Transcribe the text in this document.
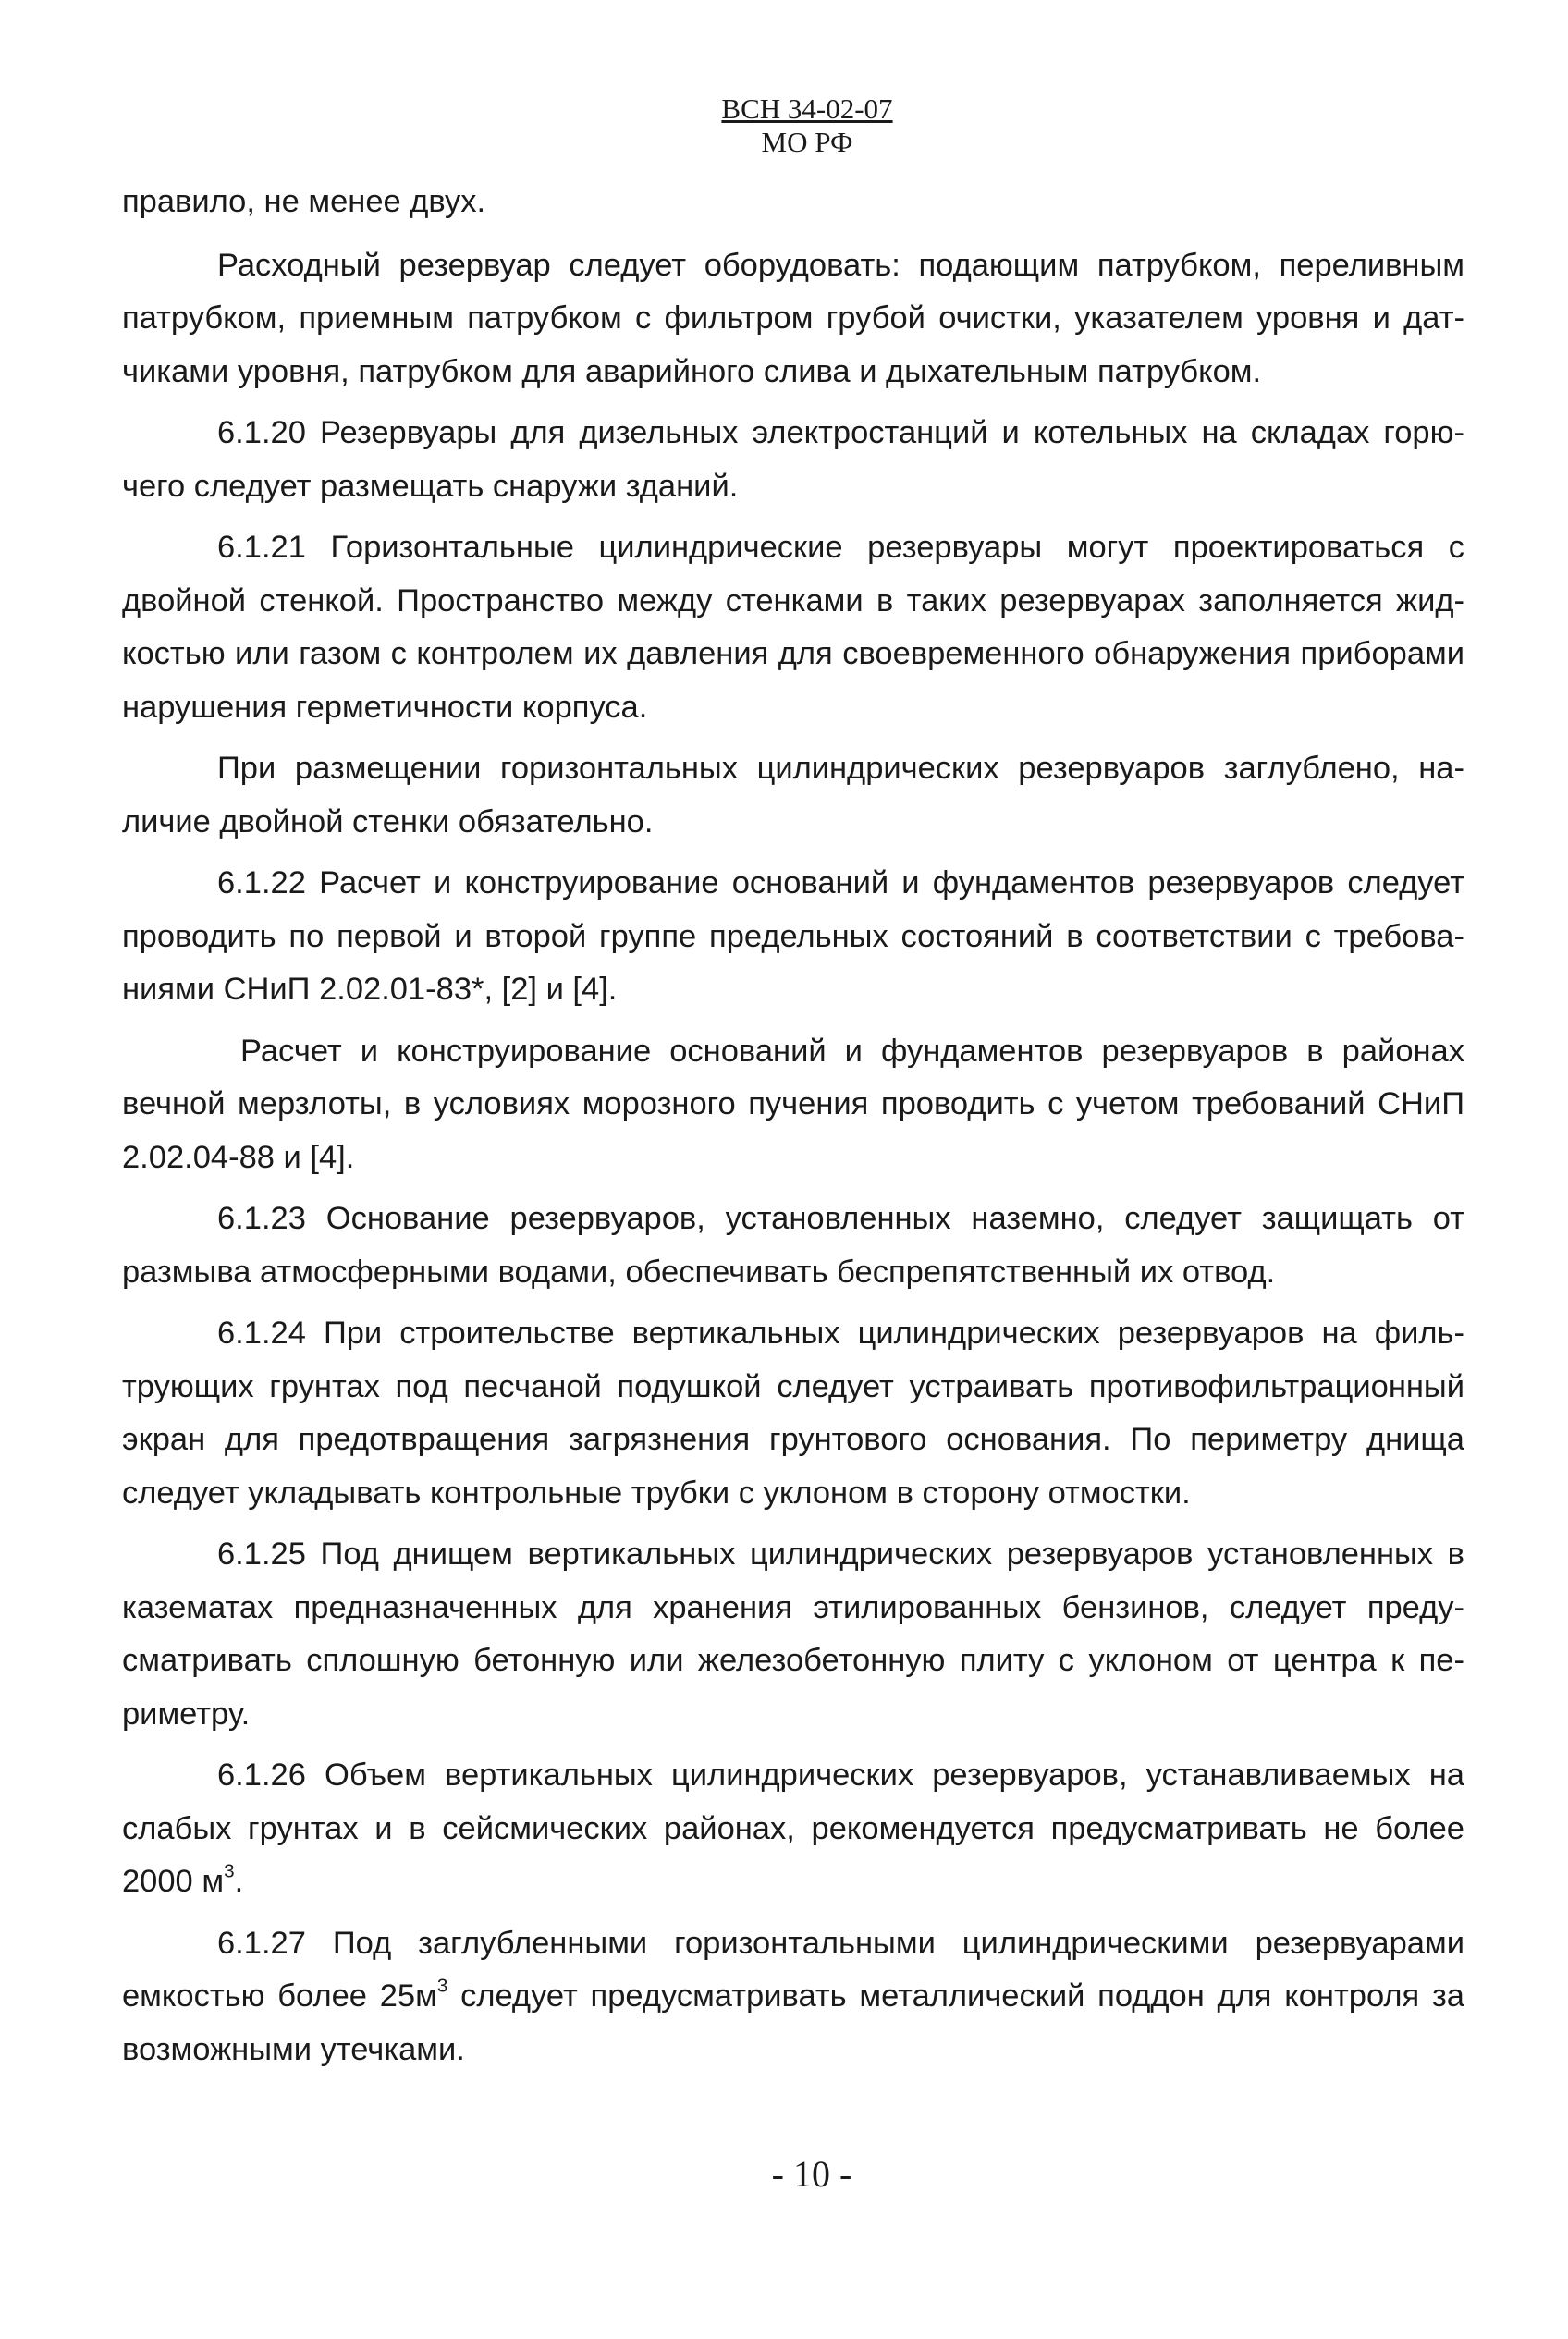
ВСН 34-02-07
МО РФ

правило, не менее двух.

Расходный резервуар следует оборудовать: подающим патрубком, переливным патрубком, приемным патрубком с фильтром грубой очистки, указателем уровня и датчиками уровня, патрубком для аварийного слива и дыхательным патрубком.

6.1.20 Резервуары для дизельных электростанций и котельных на складах горючего следует размещать снаружи зданий.

6.1.21 Горизонтальные цилиндрические резервуары могут проектироваться с двойной стенкой. Пространство между стенками в таких резервуарах заполняется жидкостью или газом с контролем их давления для своевременного обнаружения приборами нарушения герметичности корпуса.

При размещении горизонтальных цилиндрических резервуаров заглублено, наличие двойной стенки обязательно.

6.1.22 Расчет и конструирование оснований и фундаментов резервуаров следует проводить по первой и второй группе предельных состояний в соответствии с требованиями СНиП 2.02.01-83*, [2] и [4].

Расчет и конструирование оснований и фундаментов резервуаров в районах вечной мерзлоты, в условиях морозного пучения проводить с учетом требований СНиП 2.02.04-88 и [4].

6.1.23 Основание резервуаров, установленных наземно, следует защищать от размыва атмосферными водами, обеспечивать беспрепятственный их отвод.

6.1.24 При строительстве вертикальных цилиндрических резервуаров на фильтрующих грунтах под песчаной подушкой следует устраивать противофильтрационный экран для предотвращения загрязнения грунтового основания. По периметру днища следует укладывать контрольные трубки с уклоном в сторону отмостки.

6.1.25 Под днищем вертикальных цилиндрических резервуаров установленных в казематах предназначенных для хранения этилированных бензинов, следует предусматривать сплошную бетонную или железобетонную плиту с уклоном от центра к периметру.

6.1.26 Объем вертикальных цилиндрических резервуаров, устанавливаемых на слабых грунтах и в сейсмических районах, рекомендуется предусматривать не более 2000 $м^3$.

6.1.27 Под заглубленными горизонтальными цилиндрическими резервуарами емкостью более $25м^3$ следует предусматривать металлический поддон для контроля за возможными утечками.

- 10 -
